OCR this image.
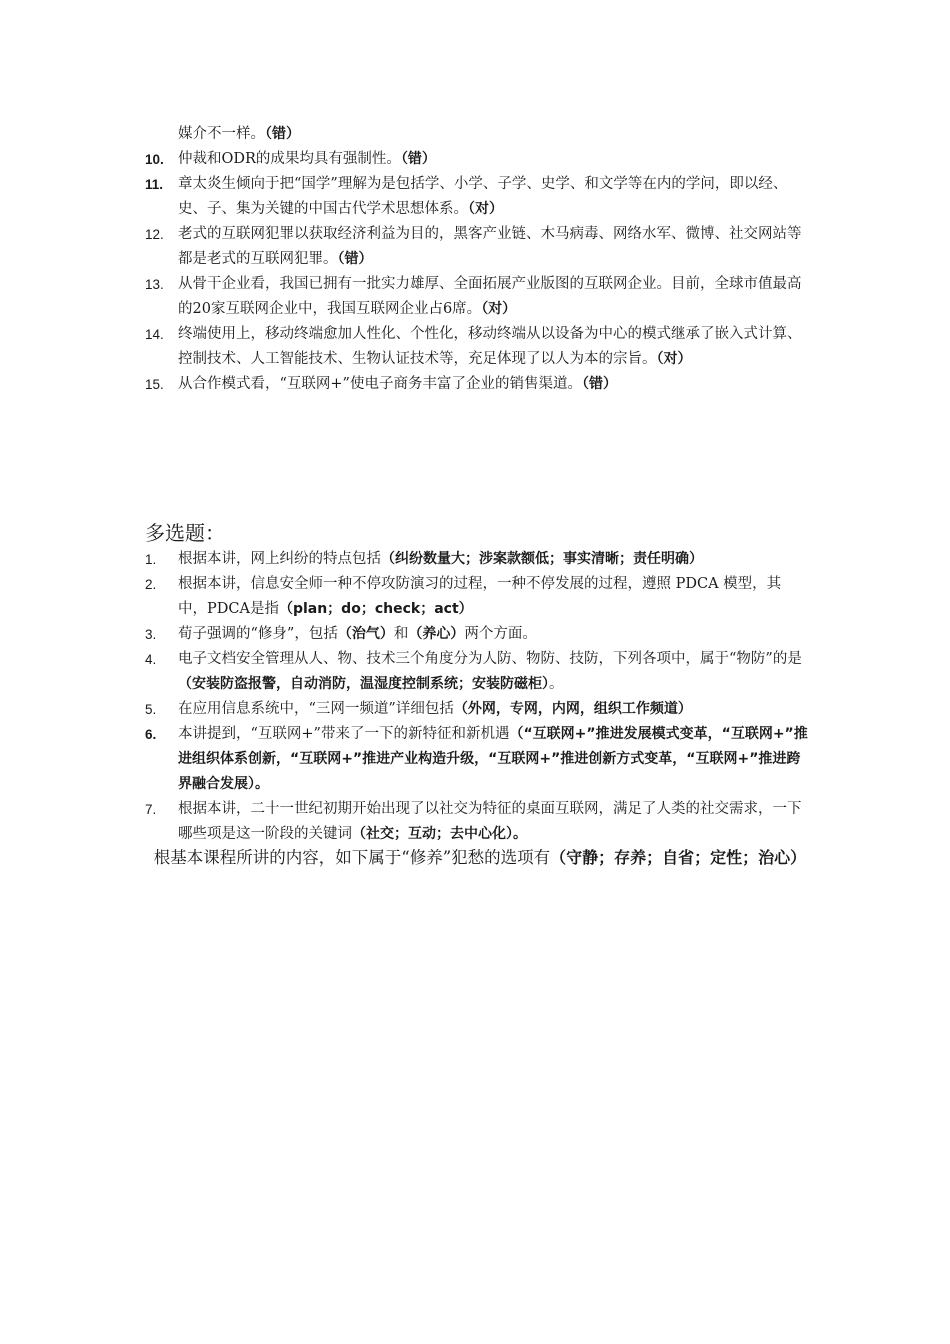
媒介不一样。（错）
10. 仲裁和ODR的成果均具有强制性。（错）
11. 章太炎生倾向于把“国学”理解为是包括学、小学、子学、史学、和文学等在内的学问，即以经、史、子、集为关键的中国古代学术思想体系。（对）
12. 老式的互联网犯罪以获取经济利益为目的，黑客产业链、木马病毒、网络水军、微博、社交网站等都是老式的互联网犯罪。（错）
13. 从骨干企业看，我国已拥有一批实力雄厚、全面拓展产业版图的互联网企业。目前，全球市值最高的20家互联网企业中，我国互联网企业占6席。（对）
14. 终端使用上，移动终端愈加人性化、个性化，移动终端从以设备为中心的模式继承了嵌入式计算、控制技术、人工智能技术、生物认证技术等，充足体现了以人为本的宗旨。（对）
15. 从合作模式看，“互联网+”使电子商务丰富了企业的销售渠道。（错）
多选题：
1. 根据本讲，网上纠纷的特点包括（纠纷数量大；涉案款额低；事实清晰；责任明确）
2. 根据本讲，信息安全师一种不停攻防演习的过程，一种不停发展的过程，遵照 PDCA 模型，其中，PDCA是指（plan；do；check；act）
3. 荀子强调的“修身”，包括（治气）和（养心）两个方面。
4. 电子文档安全管理从人、物、技术三个角度分为人防、物防、技防，下列各项中，属于“物防”的是（安装防盗报警，自动消防，温湿度控制系统；安装防磁柜）。
5. 在应用信息系统中，“三网一频道”详细包括（外网，专网，内网，组织工作频道）
6. 本讲提到，“互联网+”带来了一下的新特征和新机遇（“互联网+”推进发展模式变革，“互联网+”推进组织体系创新，“互联网+”推进产业构造升级，“互联网+”推进创新方式变革，“互联网+”推进跨界融合发展）。
7. 根据本讲，二十一世纪初期开始出现了以社交为特征的桌面互联网，满足了人类的社交需求，一下哪些项是这一阶段的关键词（社交；互动；去中心化）。
根基本课程所讲的内容，如下属于“修养”犯愁的选项有（守静；存养；自省；定性；治心）
